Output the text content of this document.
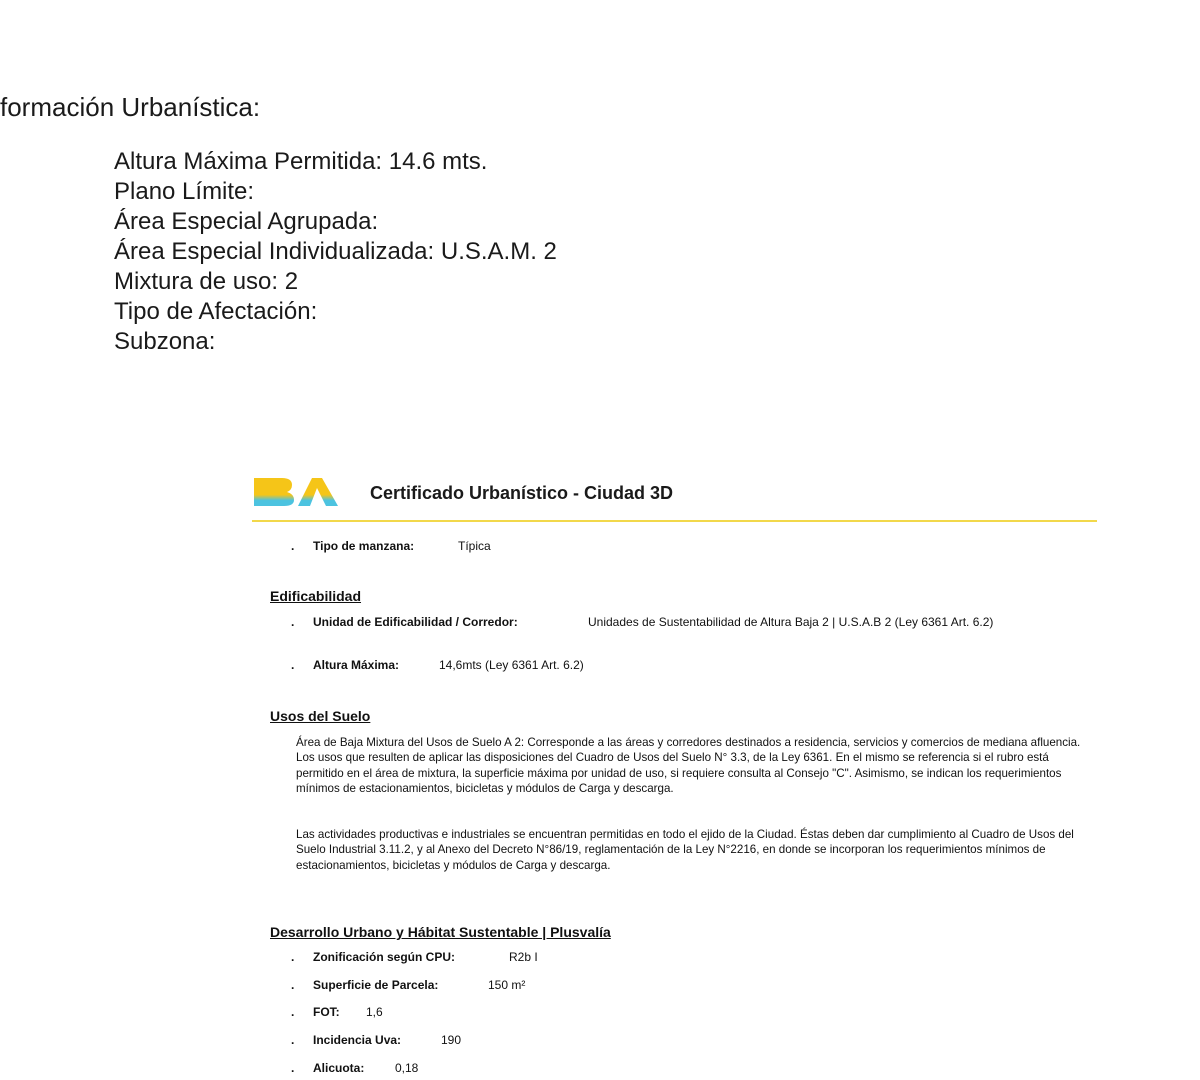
formación Urbanística:
Altura Máxima Permitida: 14.6 mts.
Plano Límite:
Área Especial Agrupada:
Área Especial Individualizada: U.S.A.M. 2
Mixtura de uso: 2
Tipo de Afectación:
Subzona:
Certificado Urbanístico - Ciudad 3D
. Tipo de manzana:	Típica
Edificabilidad
. Unidad de Edificabilidad / Corredor:	Unidades de Sustentabilidad de Altura Baja 2 | U.S.A.B 2 (Ley 6361 Art. 6.2)
. Altura Máxima:	14,6mts (Ley 6361 Art. 6.2)
Usos del Suelo
Área de Baja Mixtura del Usos de Suelo A 2: Corresponde a las áreas y corredores destinados a residencia, servicios y comercios de mediana afluencia. Los usos que resulten de aplicar las disposiciones del Cuadro de Usos del Suelo N° 3.3, de la Ley 6361. En el mismo se referencia si el rubro está permitido en el área de mixtura, la superficie máxima por unidad de uso, si requiere consulta al Consejo "C". Asimismo, se indican los requerimientos mínimos de estacionamientos, bicicletas y módulos de Carga y descarga.
Las actividades productivas e industriales se encuentran permitidas en todo el ejido de la Ciudad. Éstas deben dar cumplimiento al Cuadro de Usos del Suelo Industrial 3.11.2, y al Anexo del Decreto N°86/19, reglamentación de la Ley N°2216, en donde se incorporan los requerimientos mínimos de estacionamientos, bicicletas y módulos de Carga y descarga.
Desarrollo Urbano y Hábitat Sustentable | Plusvalía
. Zonificación según CPU:	R2b I
. Superficie de Parcela:	150 m²
. FOT: 1,6
. Incidencia Uva:	190
. Alicuota:	0,18
